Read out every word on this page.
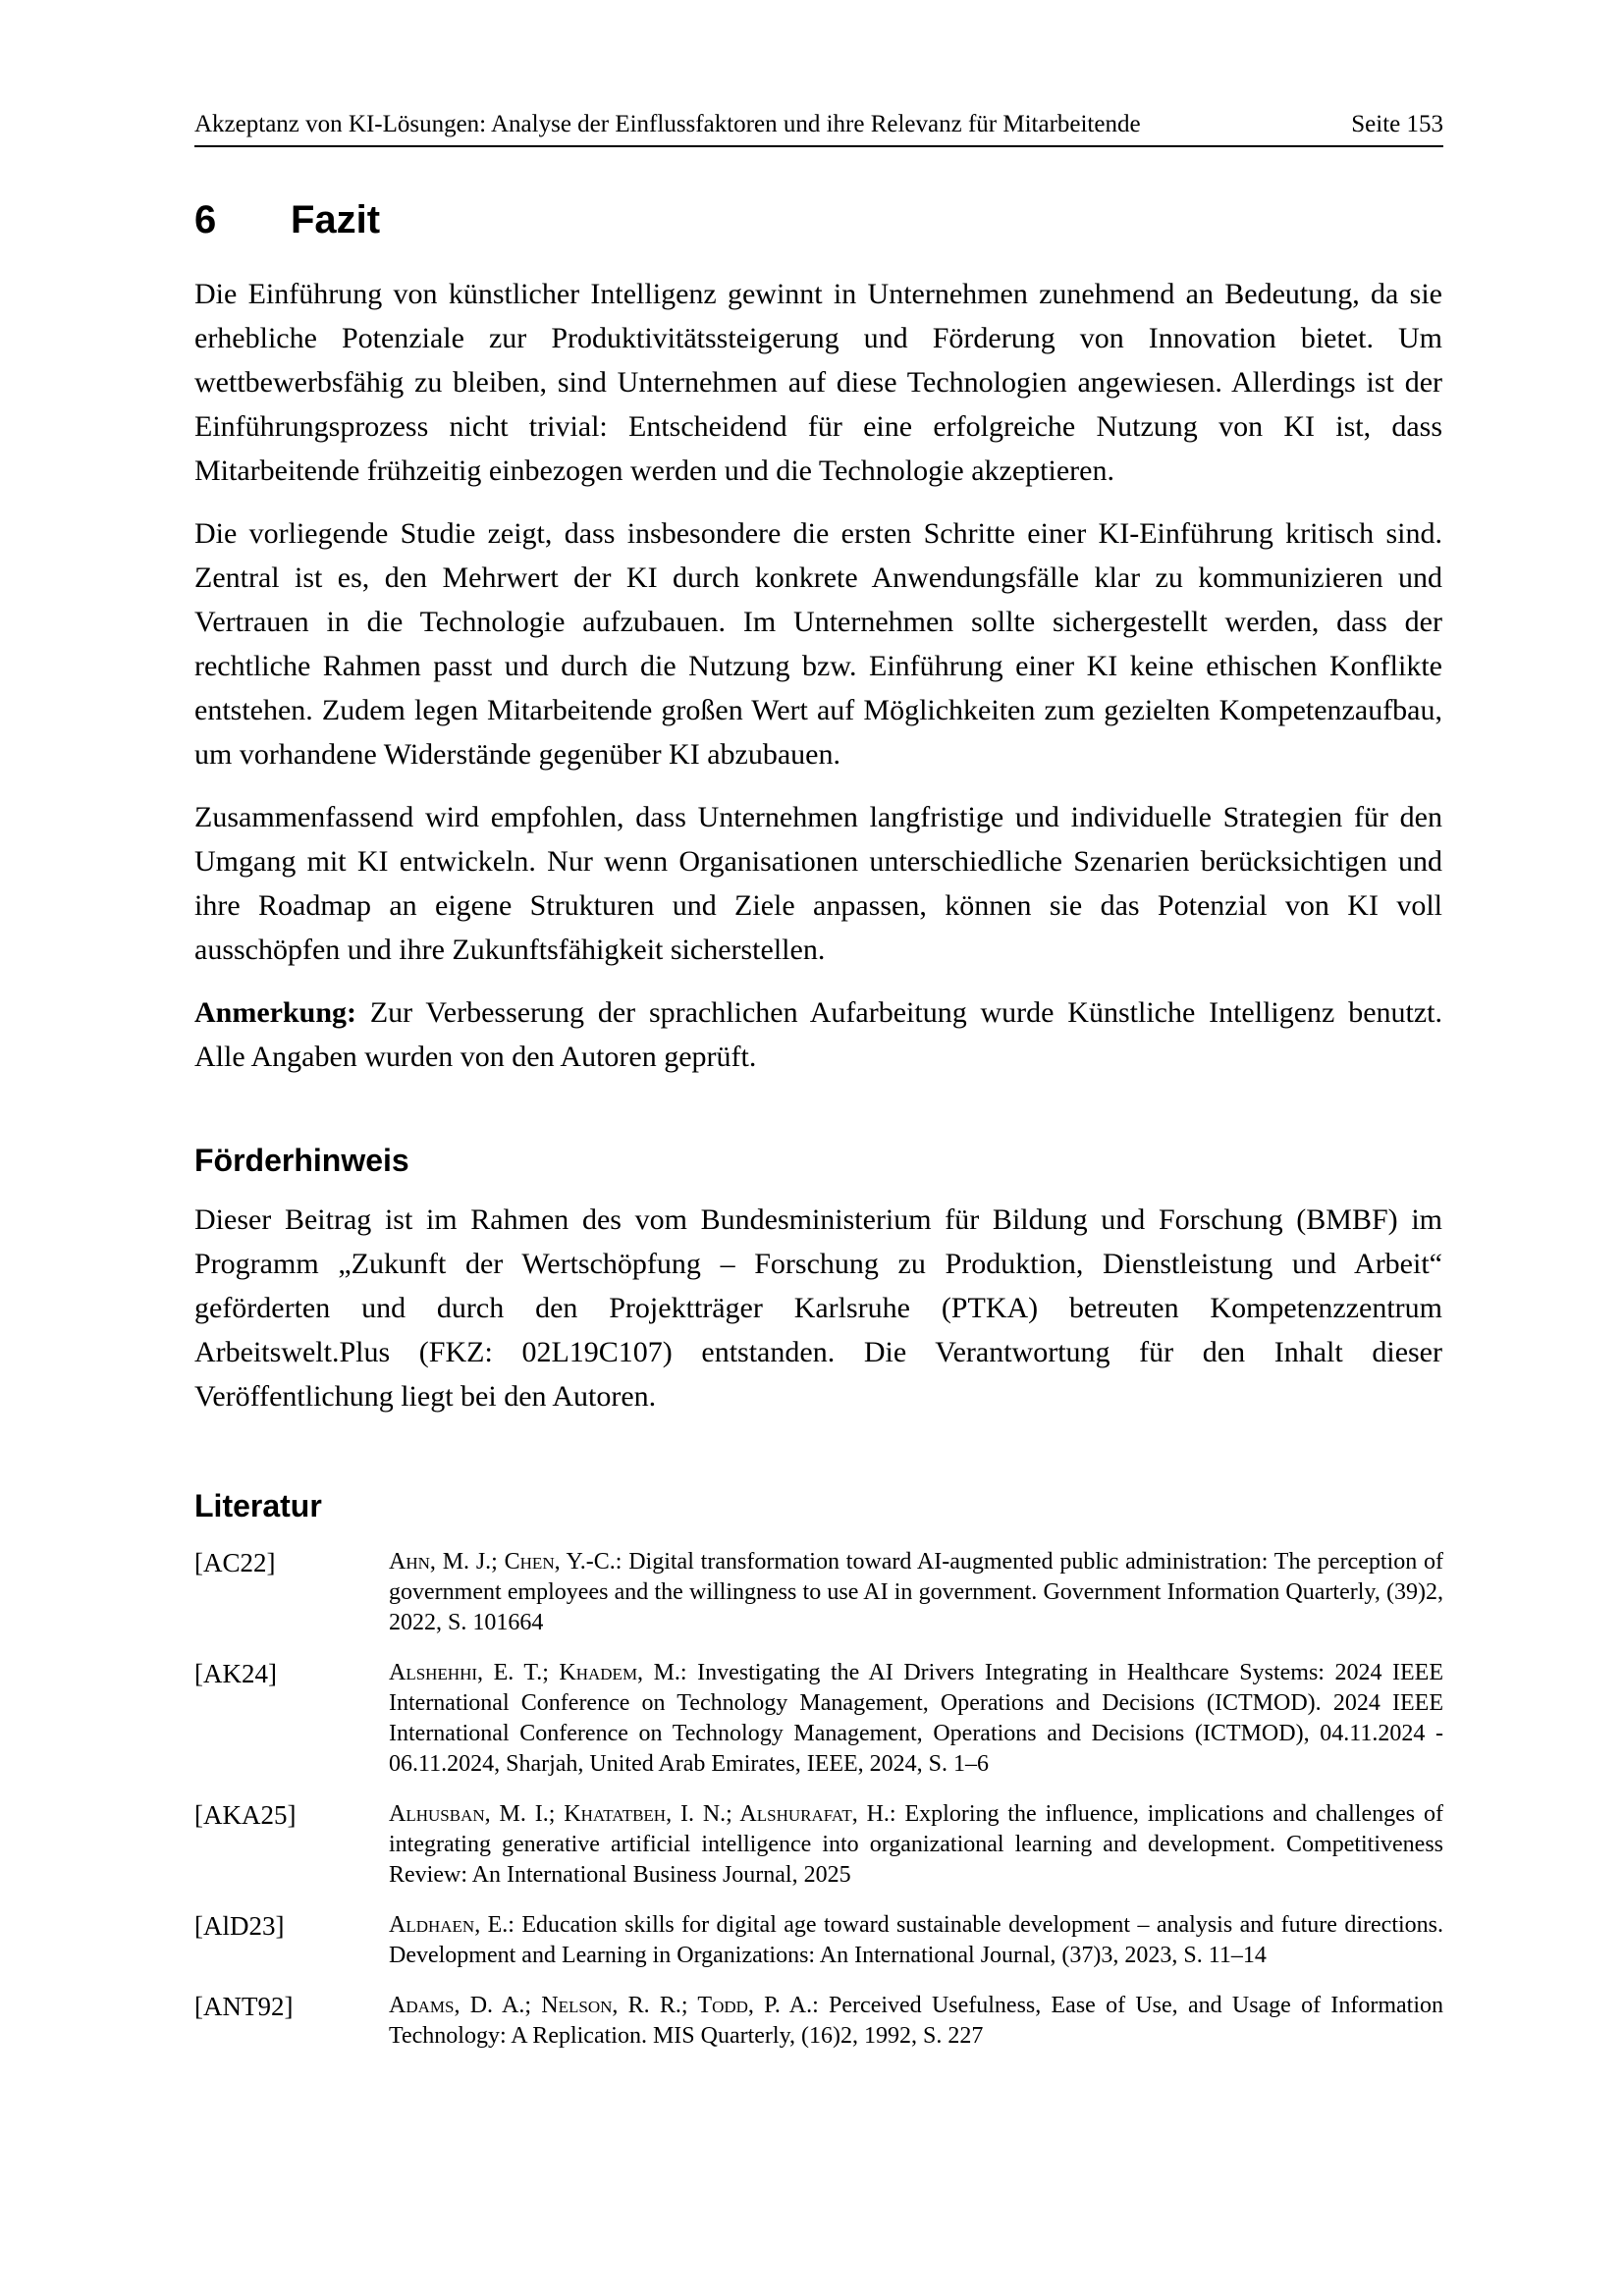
Akzeptanz von KI-Lösungen: Analyse der Einflussfaktoren und ihre Relevanz für Mitarbeitende	Seite 153
6 Fazit

Die Einführung von künstlicher Intelligenz gewinnt in Unternehmen zunehmend an Bedeutung, da sie erhebliche Potenziale zur Produktivitätssteigerung und Förderung von Innovation bietet. Um wettbewerbsfähig zu bleiben, sind Unternehmen auf diese Technologien angewiesen. Allerdings ist der Einführungsprozess nicht trivial: Entscheidend für eine erfolgreiche Nutzung von KI ist, dass Mitarbeitende frühzeitig einbezogen werden und die Technologie akzeptieren.

Die vorliegende Studie zeigt, dass insbesondere die ersten Schritte einer KI-Einführung kritisch sind. Zentral ist es, den Mehrwert der KI durch konkrete Anwendungsfälle klar zu kommunizieren und Vertrauen in die Technologie aufzubauen. Im Unternehmen sollte sichergestellt werden, dass der rechtliche Rahmen passt und durch die Nutzung bzw. Einführung einer KI keine ethischen Konflikte entstehen. Zudem legen Mitarbeitende großen Wert auf Möglichkeiten zum gezielten Kompetenzaufbau, um vorhandene Widerstände gegenüber KI abzubauen.

Zusammenfassend wird empfohlen, dass Unternehmen langfristige und individuelle Strategien für den Umgang mit KI entwickeln. Nur wenn Organisationen unterschiedliche Szenarien berücksichtigen und ihre Roadmap an eigene Strukturen und Ziele anpassen, können sie das Potenzial von KI voll ausschöpfen und ihre Zukunftsfähigkeit sicherstellen.

Anmerkung: Zur Verbesserung der sprachlichen Aufarbeitung wurde Künstliche Intelligenz benutzt. Alle Angaben wurden von den Autoren geprüft.

Förderhinweis

Dieser Beitrag ist im Rahmen des vom Bundesministerium für Bildung und Forschung (BMBF) im Programm „Zukunft der Wertschöpfung – Forschung zu Produktion, Dienstleistung und Arbeit“ geförderten und durch den Projektträger Karlsruhe (PTKA) betreuten Kompetenzzentrum Arbeitswelt.Plus (FKZ: 02L19C107) entstanden. Die Verantwortung für den Inhalt dieser Veröffentlichung liegt bei den Autoren.

Literatur
[AC22]	Ahn, M. J.; Chen, Y.-C.: Digital transformation toward AI-augmented public administration: The perception of government employees and the willingness to use AI in government. Government Information Quarterly, (39)2, 2022, S. 101664
[AK24]	Alshehhi, E. T.; Khadem, M.: Investigating the AI Drivers Integrating in Healthcare Systems: 2024 IEEE International Conference on Technology Management, Operations and Decisions (ICTMOD). 2024 IEEE International Conference on Technology Management, Operations and Decisions (ICTMOD), 04.11.2024 - 06.11.2024, Sharjah, United Arab Emirates, IEEE, 2024, S. 1–6
[AKA25]	Alhusban, M. I.; Khatatbeh, I. N.; Alshurafat, H.: Exploring the influence, implications and challenges of integrating generative artificial intelligence into organizational learning and development. Competitiveness Review: An International Business Journal, 2025
[AlD23]	Aldhaen, E.: Education skills for digital age toward sustainable development – analysis and future directions. Development and Learning in Organizations: An International Journal, (37)3, 2023, S. 11–14
[ANT92]	Adams, D. A.; Nelson, R. R.; Todd, P. A.: Perceived Usefulness, Ease of Use, and Usage of Information Technology: A Replication. MIS Quarterly, (16)2, 1992, S. 227
